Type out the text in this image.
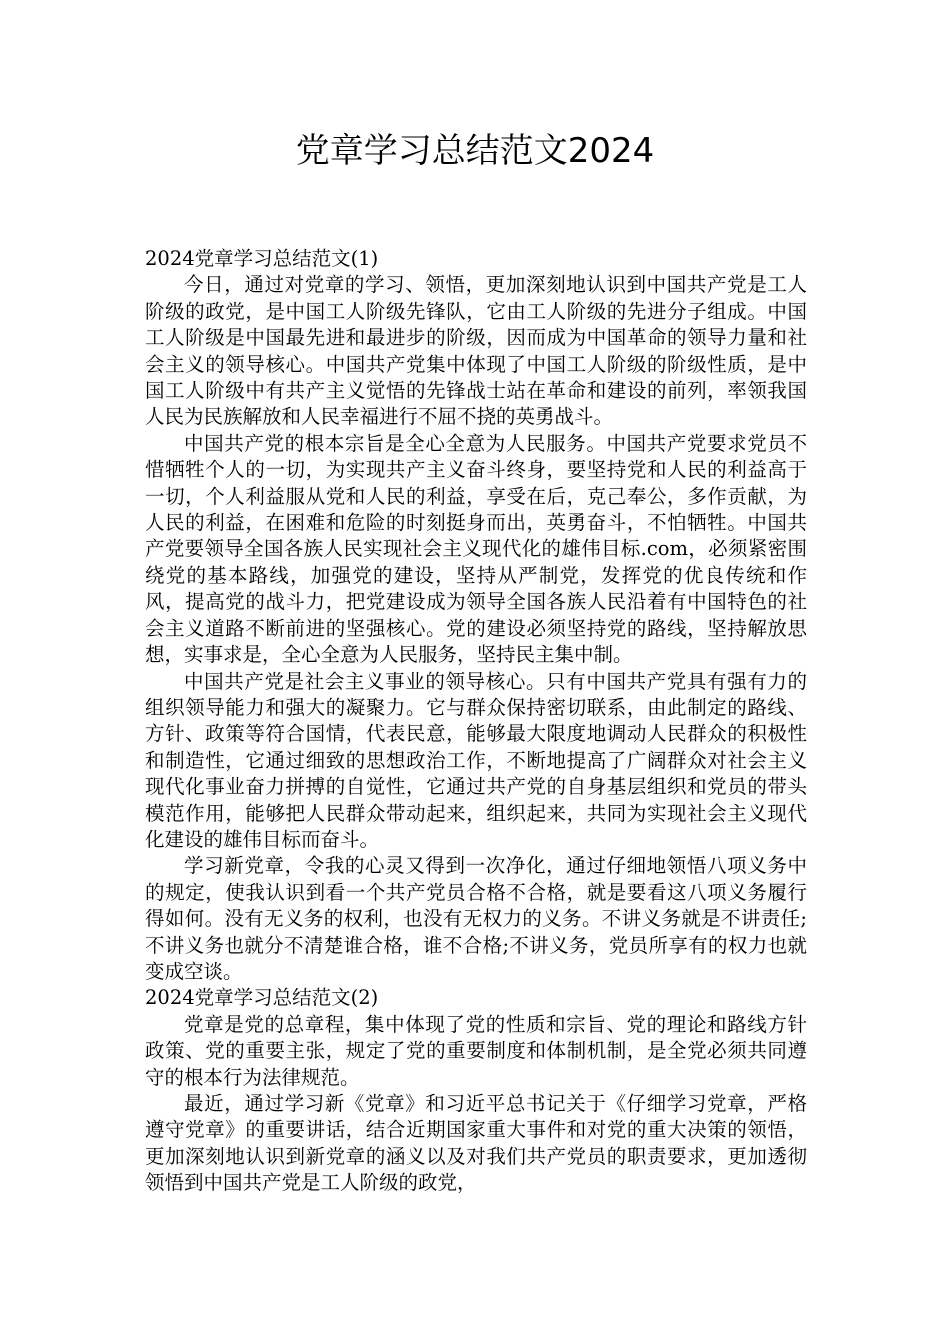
党章学习总结范文2024

2024党章学习总结范文(1)

今日，通过对党章的学习、领悟，更加深刻地认识到中国共产党是工人阶级的政党，是中国工人阶级先锋队，它由工人阶级的先进分子组成。中国工人阶级是中国最先进和最进步的阶级，因而成为中国革命的领导力量和社会主义的领导核心。中国共产党集中体现了中国工人阶级的阶级性质，是中国工人阶级中有共产主义觉悟的先锋战士站在革命和建设的前列，率领我国人民为民族解放和人民幸福进行不屈不挠的英勇战斗。

中国共产党的根本宗旨是全心全意为人民服务。中国共产党要求党员不惜牺牲个人的一切，为实现共产主义奋斗终身，要坚持党和人民的利益高于一切，个人利益服从党和人民的利益，享受在后，克己奉公，多作贡献，为人民的利益，在困难和危险的时刻挺身而出，英勇奋斗，不怕牺牲。中国共产党要领导全国各族人民实现社会主义现代化的雄伟目标.com，必须紧密围绕党的基本路线，加强党的建设，坚持从严制党，发挥党的优良传统和作风，提高党的战斗力，把党建设成为领导全国各族人民沿着有中国特色的社会主义道路不断前进的坚强核心。党的建设必须坚持党的路线，坚持解放思想，实事求是，全心全意为人民服务，坚持民主集中制。

中国共产党是社会主义事业的领导核心。只有中国共产党具有强有力的组织领导能力和强大的凝聚力。它与群众保持密切联系，由此制定的路线、方针、政策等符合国情，代表民意，能够最大限度地调动人民群众的积极性和制造性，它通过细致的思想政治工作，不断地提高了广阔群众对社会主义现代化事业奋力拼搏的自觉性，它通过共产党的自身基层组织和党员的带头模范作用，能够把人民群众带动起来，组织起来，共同为实现社会主义现代化建设的雄伟目标而奋斗。

学习新党章，令我的心灵又得到一次净化，通过仔细地领悟八项义务中的规定，使我认识到看一个共产党员合格不合格，就是要看这八项义务履行得如何。没有无义务的权利，也没有无权力的义务。不讲义务就是不讲责任;不讲义务也就分不清楚谁合格，谁不合格;不讲义务，党员所享有的权力也就变成空谈。

2024党章学习总结范文(2)

党章是党的总章程，集中体现了党的性质和宗旨、党的理论和路线方针政策、党的重要主张，规定了党的重要制度和体制机制，是全党必须共同遵守的根本行为法律规范。

最近，通过学习新《党章》和习近平总书记关于《仔细学习党章，严格遵守党章》的重要讲话，结合近期国家重大事件和对党的重大决策的领悟，更加深刻地认识到新党章的涵义以及对我们共产党员的职责要求，更加透彻领悟到中国共产党是工人阶级的政党，
